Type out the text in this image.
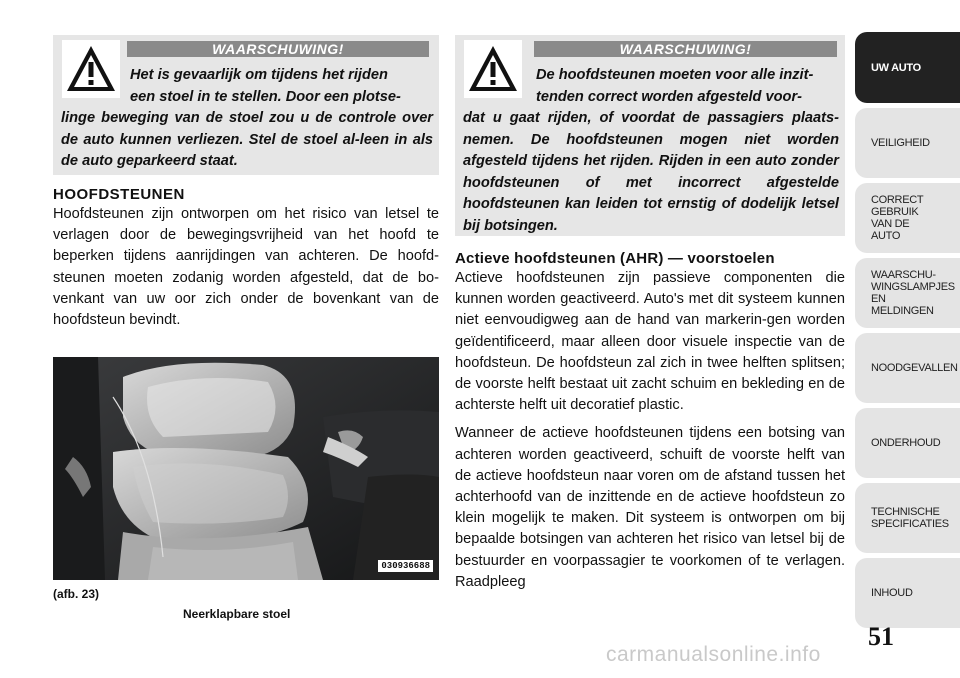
WAARSCHUWING!
Het is gevaarlijk om tijdens het rijden
een stoel in te stellen. Door een plotse-
linge beweging van de stoel zou u de controle over de auto kunnen verliezen. Stel de stoel al-leen in als de auto geparkeerd staat.
HOOFDSTEUNEN

Hoofdsteunen zijn ontworpen om het risico van letsel te verlagen door de bewegingsvrijheid van het hoofd te beperken tijdens aanrijdingen van achteren. De hoofd-steunen moeten zodanig worden afgesteld, dat de bo-venkant van uw oor zich onder de bovenkant van de hoofdsteun bevindt.

030936688
(afb. 23)
Neerklapbare stoel
WAARSCHUWING!
De hoofdsteunen moeten voor alle inzit-
tenden correct worden afgesteld voor-
dat u gaat rijden, of voordat de passagiers plaats-nemen. De hoofdsteunen mogen niet worden afgesteld tijdens het rijden. Rijden in een auto zonder hoofdsteunen of met incorrect afgestelde hoofdsteunen kan leiden tot ernstig of dodelijk letsel bij botsingen.
Actieve hoofdsteunen (AHR) — voorstoelen

Actieve hoofdsteunen zijn passieve componenten die kunnen worden geactiveerd. Auto's met dit systeem kunnen niet eenvoudigweg aan de hand van markerin-gen worden geïdentificeerd, maar alleen door visuele inspectie van de hoofdsteun. De hoofdsteun zal zich in twee helften splitsen; de voorste helft bestaat uit zacht schuim en bekleding en de achterste helft uit decoratief plastic.

Wanneer de actieve hoofdsteunen tijdens een botsing van achteren worden geactiveerd, schuift de voorste helft van de actieve hoofdsteun naar voren om de afstand tussen het achterhoofd van de inzittende en de actieve hoofdsteun zo klein mogelijk te maken. Dit systeem is ontworpen om bij bepaalde botsingen van achteren het risico van letsel bij de bestuurder en voorpassagier te voorkomen of te verlagen. Raadpleeg

UW AUTO
VEILIGHEID
CORRECT GEBRUIK VAN DE AUTO
WAARSCHU-WINGSLAMPJES EN MELDINGEN
NOODGEVALLEN
ONDERHOUD
TECHNISCHE SPECIFICATIES
INHOUD
51
carmanualsonline.info
